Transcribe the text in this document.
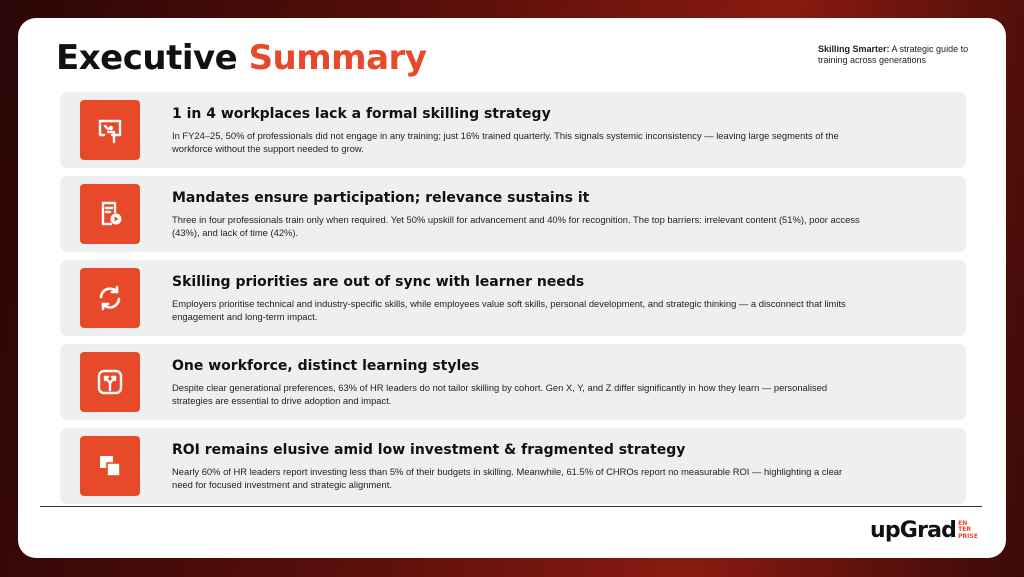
Executive Summary	Skilling Smarter: A strategic guide to training across generations
1 in 4 workplaces lack a formal skilling strategy
In FY24–25, 50% of professionals did not engage in any training; just 16% trained quarterly. This signals systemic inconsistency — leaving large segments of the workforce without the support needed to grow.
Mandates ensure participation; relevance sustains it
Three in four professionals train only when required. Yet 50% upskill for advancement and 40% for recognition. The top barriers: irrelevant content (51%), poor access (43%), and lack of time (42%).
Skilling priorities are out of sync with learner needs
Employers prioritise technical and industry-specific skills, while employees value soft skills, personal development, and strategic thinking — a disconnect that limits engagement and long-term impact.
One workforce, distinct learning styles
Despite clear generational preferences, 63% of HR leaders do not tailor skilling by cohort. Gen X, Y, and Z differ significantly in how they learn — personalised strategies are essential to drive adoption and impact.
ROI remains elusive amid low investment & fragmented strategy
Nearly 60% of HR leaders report investing less than 5% of their budgets in skilling. Meanwhile, 61.5% of CHROs report no measurable ROI — highlighting a clear need for focused investment and strategic alignment.
upGrad EN
TER
PRISE
